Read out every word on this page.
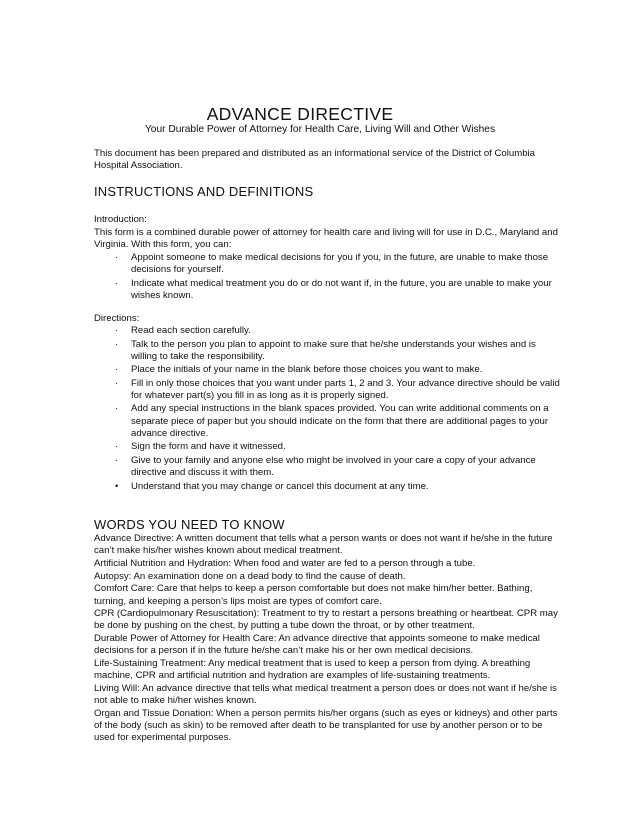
ADVANCE DIRECTIVE
Your Durable Power of Attorney for Health Care, Living Will and Other Wishes
This document has been prepared and distributed as an informational service of the District of Columbia Hospital Association.
INSTRUCTIONS AND DEFINITIONS
Introduction:
This form is a combined durable power of attorney for health care and living will for use in D.C., Maryland and Virginia. With this form, you can:
· Appoint someone to make medical decisions for you if you, in the future, are unable to make those decisions for yourself.
· Indicate what medical treatment you do or do not want if, in the future, you are unable to make your wishes known.
Directions:
· Read each section carefully.
· Talk to the person you plan to appoint to make sure that he/she understands your wishes and is willing to take the responsibility.
· Place the initials of your name in the blank before those choices you want to make.
· Fill in only those choices that you want under parts 1, 2 and 3. Your advance directive should be valid for whatever part(s) you fill in as long as it is properly signed.
· Add any special instructions in the blank spaces provided. You can write additional comments on a separate piece of paper but you should indicate on the form that there are additional pages to your advance directive.
· Sign the form and have it witnessed.
· Give to your family and anyone else who might be involved in your care a copy of your advance directive and discuss it with them.
• Understand that you may change or cancel this document at any time.
WORDS YOU NEED TO KNOW

Advance Directive: A written document that tells what a person wants or does not want if he/she in the future can’t make his/her wishes known about medical treatment.

Artificial Nutrition and Hydration: When food and water are fed to a person through a tube.

Autopsy: An examination done on a dead body to find the cause of death.

Comfort Care: Care that helps to keep a person comfortable but does not make him/her better. Bathing, turning, and keeping a person’s lips moist are types of comfort care.

CPR (Cardiopulmonary Resuscitation): Treatment to try to restart a persons breathing or heartbeat. CPR may be done by pushing on the chest, by putting a tube down the throat, or by other treatment.

Durable Power of Attorney for Health Care: An advance directive that appoints someone to make medical decisions for a person if in the future he/she can’t make his or her own medical decisions.

Life-Sustaining Treatment: Any medical treatment that is used to keep a person from dying. A breathing machine, CPR and artificial nutrition and hydration are examples of life-sustaining treatments.

Living Will: An advance directive that tells what medical treatment a person does or does not want if he/she is not able to make hi/her wishes known.

Organ and Tissue Donation: When a person permits his/her organs (such as eyes or kidneys) and other parts of the body (such as skin) to be removed after death to be transplanted for use by another person or to be used for experimental purposes.
